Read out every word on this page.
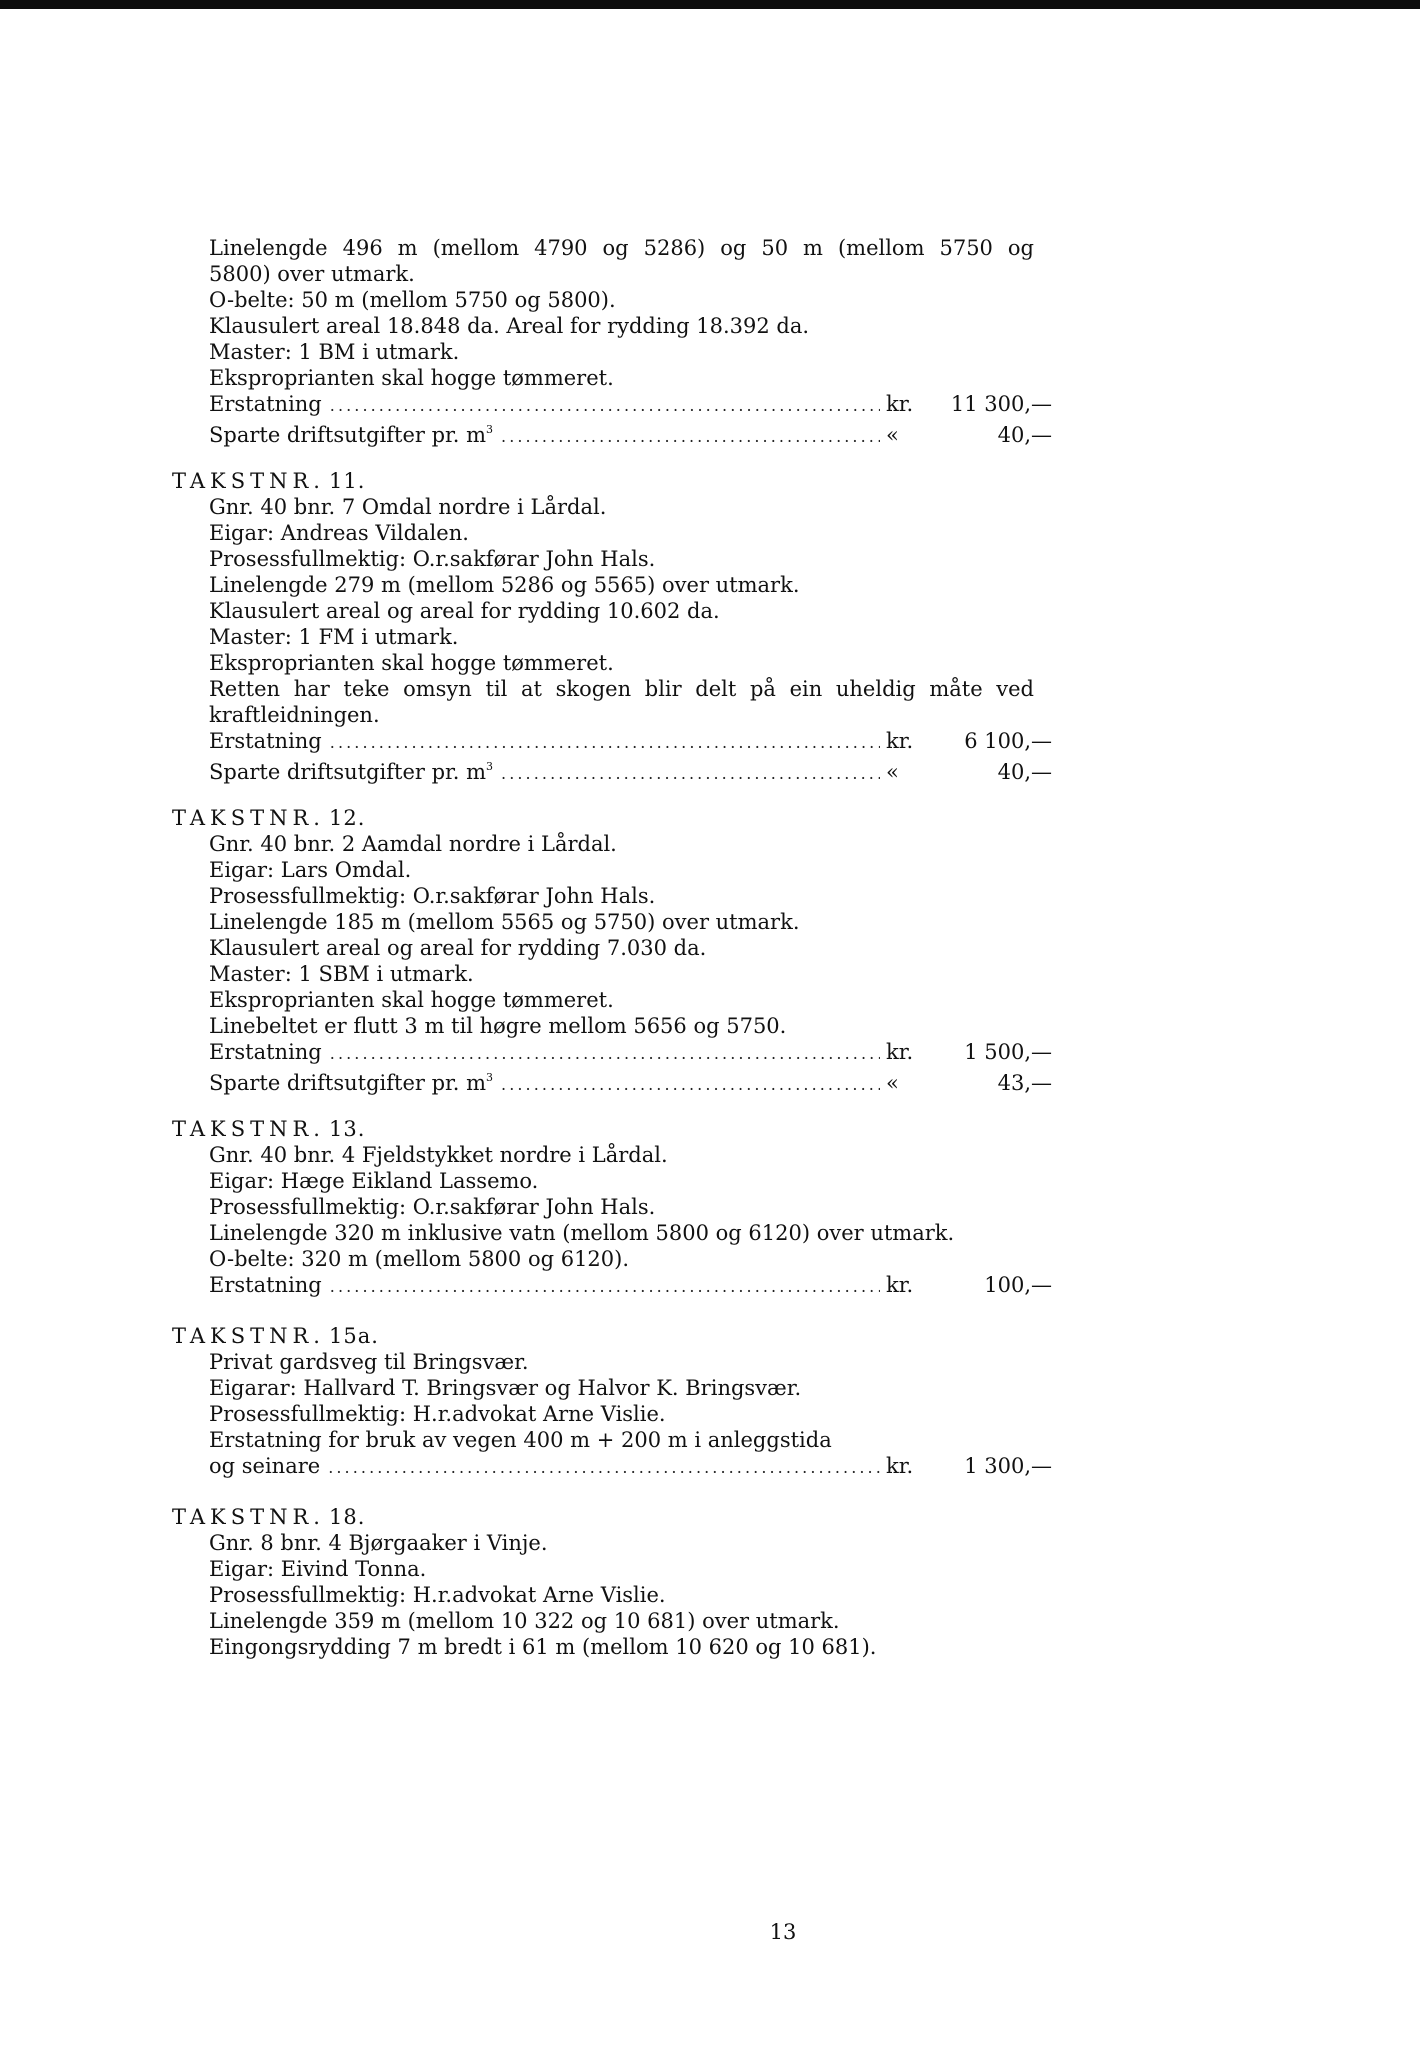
Linelengde 496 m (mellom 4790 og 5286) og 50 m (mellom 5750 og
5800) over utmark.
O-belte: 50 m (mellom 5750 og 5800).
Klausulert areal 18.848 da. Areal for rydding 18.392 da.
Master: 1 BM i utmark.
Eksproprianten skal hogge tømmeret.
Erstatning . . .	kr.	11 300,—
Sparte driftsutgifter pr. $m^3$ . . .	«	40,—
TAKSTNR. 11.
Gnr. 40 bnr. 7 Omdal nordre i Lårdal.
Eigar: Andreas Vildalen.
Prosessfullmektig: O.r.sakførar John Hals.
Linelengde 279 m (mellom 5286 og 5565) over utmark.
Klausulert areal og areal for rydding 10.602 da.
Master: 1 FM i utmark.
Eksproprianten skal hogge tømmeret.
Retten har teke omsyn til at skogen blir delt på ein uheldig måte ved
kraftleidningen.
Erstatning . . .	kr.	6 100,—
Sparte driftsutgifter pr. $m^3$ . . .	«	40,—
TAKSTNR. 12.
Gnr. 40 bnr. 2 Aamdal nordre i Lårdal.
Eigar: Lars Omdal.
Prosessfullmektig: O.r.sakførar John Hals.
Linelengde 185 m (mellom 5565 og 5750) over utmark.
Klausulert areal og areal for rydding 7.030 da.
Master: 1 SBM i utmark.
Eksproprianten skal hogge tømmeret.
Linebeltet er flutt 3 m til høgre mellom 5656 og 5750.
Erstatning . . .	kr.	1 500,—
Sparte driftsutgifter pr. $m^3$ . . .	«	43,—
TAKSTNR. 13.
Gnr. 40 bnr. 4 Fjeldstykket nordre i Lårdal.
Eigar: Hæge Eikland Lassemo.
Prosessfullmektig: O.r.sakførar John Hals.
Linelengde 320 m inklusive vatn (mellom 5800 og 6120) over utmark.
O-belte: 320 m (mellom 5800 og 6120).
Erstatning . . .	kr.	100,—
TAKSTNR. 15a.
Privat gardsveg til Bringsvær.
Eigarar: Hallvard T. Bringsvær og Halvor K. Bringsvær.
Prosessfullmektig: H.r.advokat Arne Vislie.
Erstatning for bruk av vegen 400 m + 200 m i anleggstida
og seinare . . .	kr.	1 300,—
TAKSTNR. 18.
Gnr. 8 bnr. 4 Bjørgaaker i Vinje.
Eigar: Eivind Tonna.
Prosessfullmektig: H.r.advokat Arne Vislie.
Linelengde 359 m (mellom 10 322 og 10 681) over utmark.
Eingongsrydding 7 m bredt i 61 m (mellom 10 620 og 10 681).
13
